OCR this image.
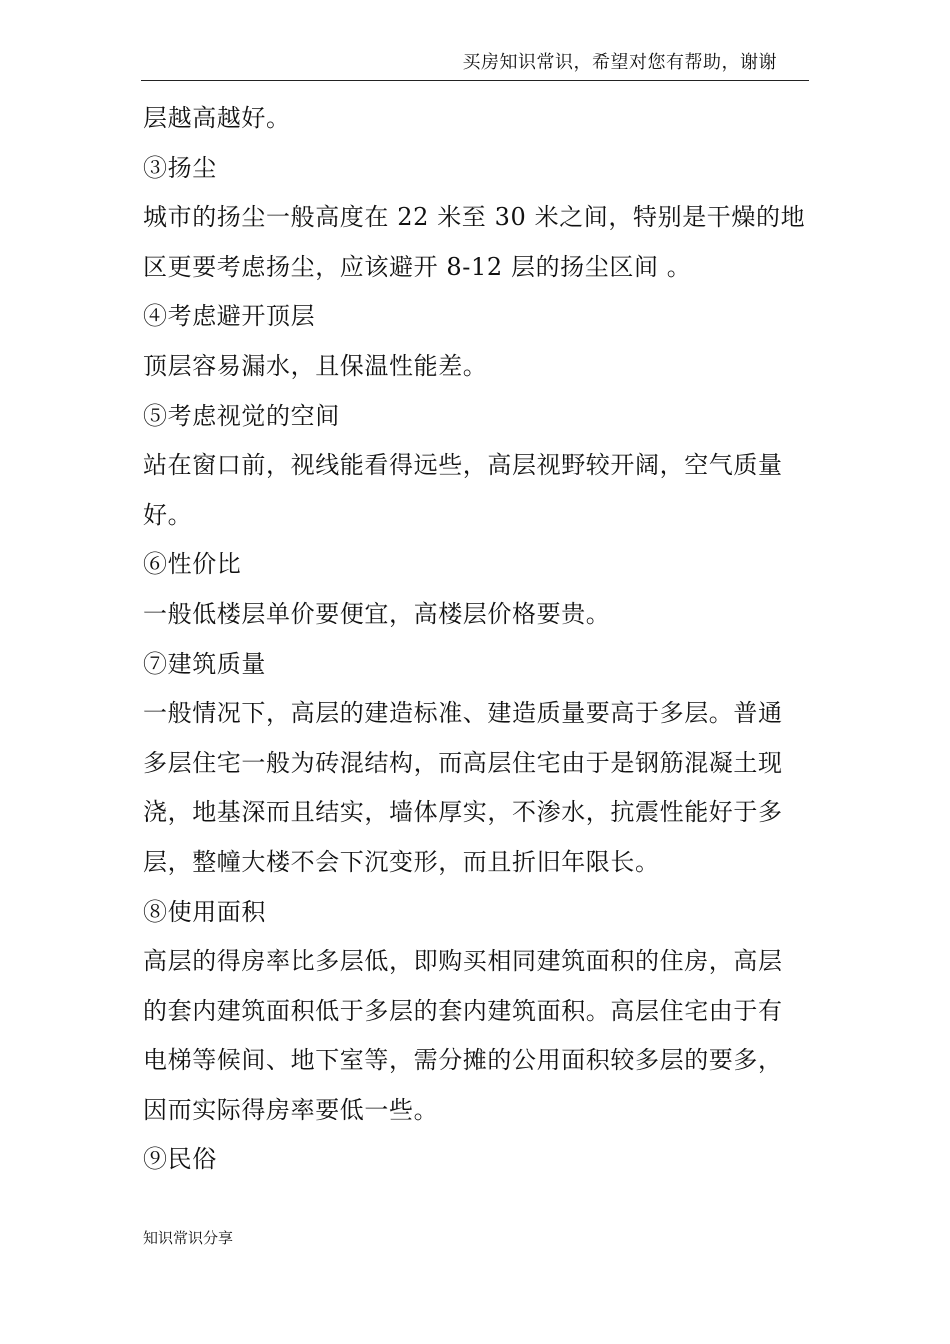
买房知识常识，希望对您有帮助，谢谢
层越高越好。
③扬尘
城市的扬尘一般高度在 22 米至 30 米之间，特别是干燥的地
区更要考虑扬尘，应该避开 8-12 层的扬尘区间 。
④考虑避开顶层
顶层容易漏水，且保温性能差。
⑤考虑视觉的空间
站在窗口前，视线能看得远些，高层视野较开阔，空气质量
好。
⑥性价比
一般低楼层单价要便宜，高楼层价格要贵。
⑦建筑质量
一般情况下，高层的建造标准、建造质量要高于多层。普通
多层住宅一般为砖混结构，而高层住宅由于是钢筋混凝土现
浇，地基深而且结实，墙体厚实，不渗水，抗震性能好于多
层，整幢大楼不会下沉变形，而且折旧年限长。
⑧使用面积
高层的得房率比多层低，即购买相同建筑面积的住房，高层
的套内建筑面积低于多层的套内建筑面积。高层住宅由于有
电梯等候间、地下室等，需分摊的公用面积较多层的要多，
因而实际得房率要低一些。
⑨民俗
知识常识分享
